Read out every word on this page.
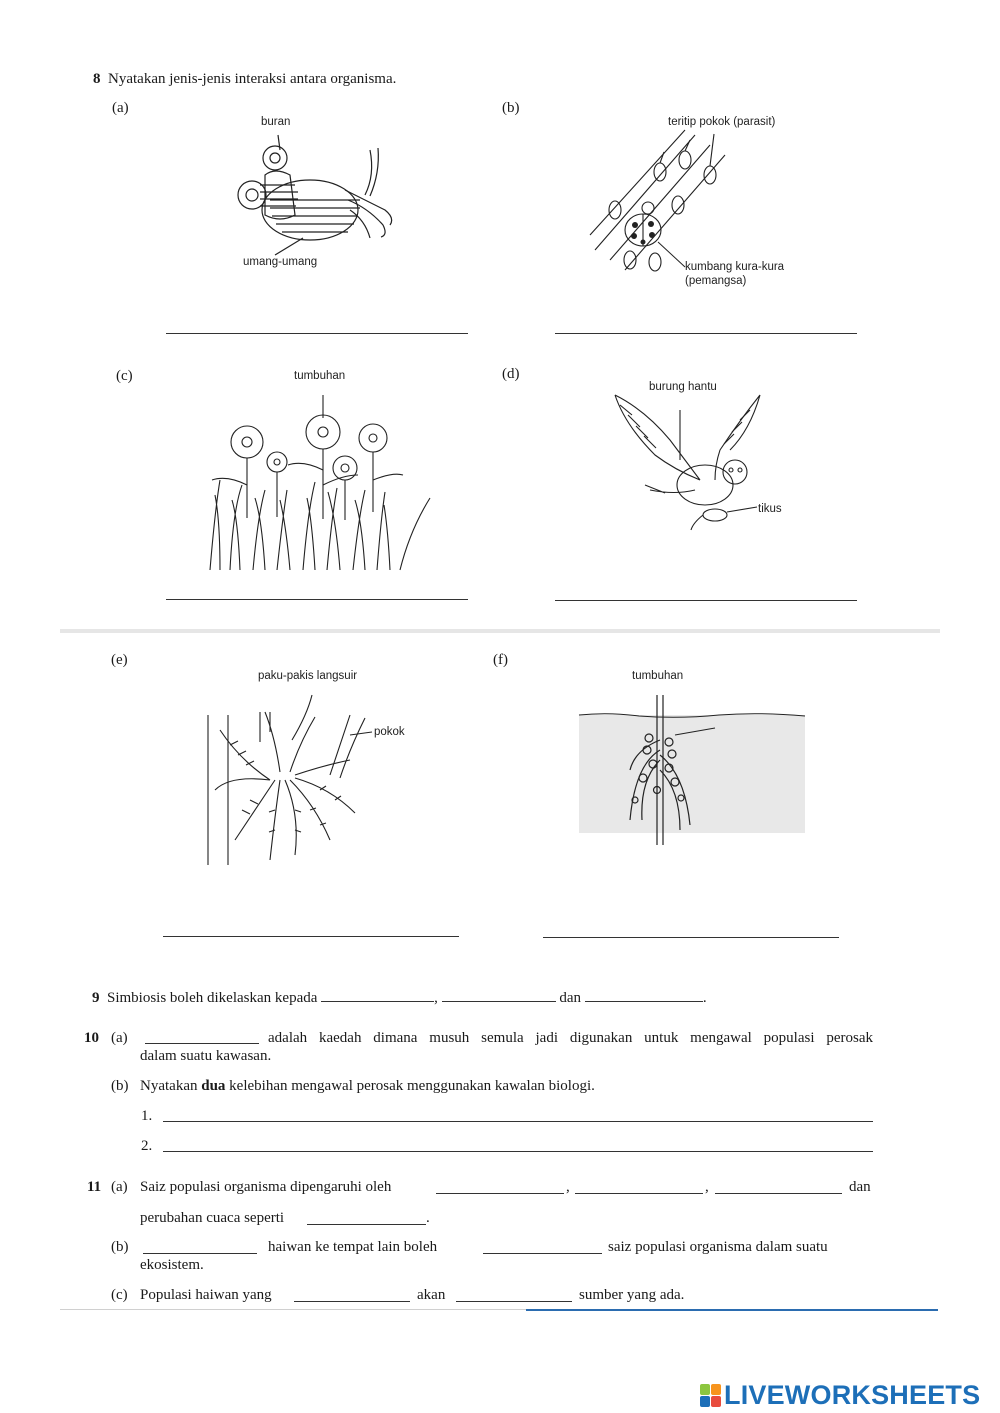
8 Nyatakan jenis-jenis interaksi antara organisma.
(a)
buran
umang-umang
(b)
teritip pokok (parasit)
kumbang kura-kura
(pemangsa)
(c)	tumbuhan	(d)
burung hantu
tikus
(e)
paku-pakis langsuir
pokok
(f)
tumbuhan
9 Simbiosis boleh dikelaskan kepada	,	dan	.
10 (a)	adalah kaedah dimana musuh semula jadi digunakan untuk mengawal populasi perosak
dalam suatu kawasan.
(b) Nyatakan dua kelebihan mengawal perosak menggunakan kawalan biologi.
1.
2.
11 (a) Saiz populasi organisma dipengaruhi oleh	,	,	dan
perubahan cuaca seperti	.
(b)	haiwan ke tempat lain boleh	saiz populasi organisma dalam suatu
ekosistem.
(c) Populasi haiwan yang	akan	sumber yang ada.
LIVEWORKSHEETS
